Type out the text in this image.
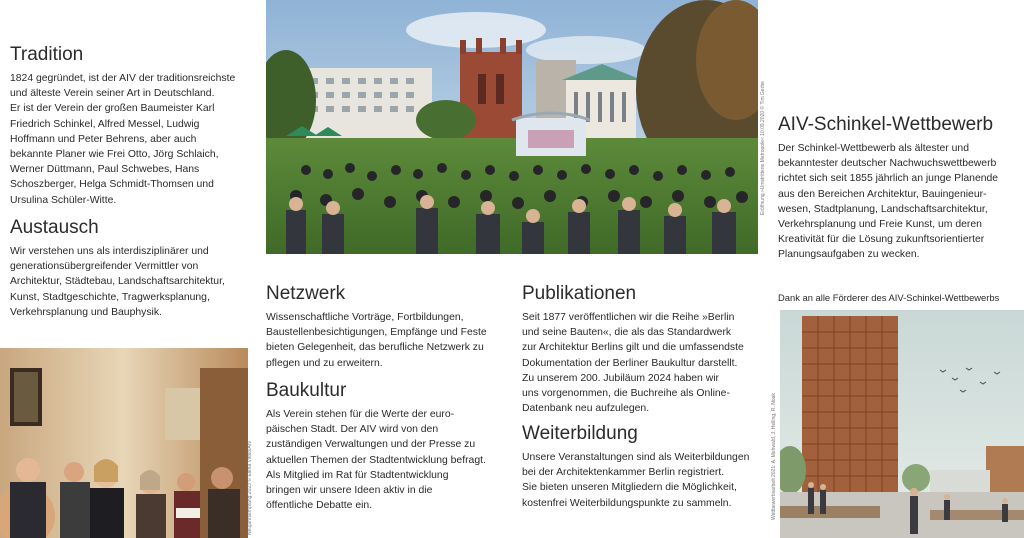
Tradition

1824 gegründet, ist der AIV der traditionsreichste
und älteste Verein seiner Art in Deutschland.
Er ist der Verein der großen Baumeister Karl
Friedrich Schinkel, Alfred Messel, Ludwig
Hoffmann und Peter Behrens, aber auch
bekannte Planer wie Frei Otto, Jörg Schlaich,
Werner Düttmann, Paul Schwebes, Hans
Schoszberger, Helga Schmidt-Thomsen und
Ursulina Schüler-Witte.

Austausch

Wir verstehen uns als interdisziplinärer und
generationsübergreifender Vermittler von
Architektur, Städtebau, Landschaftsarchitektur,
Kunst, Stadtgeschichte, Tragwerksplanung,
Verkehrsplanung und Bauphysik.

Neujahrsempfang 2023 © Elena Vitolo/AIV
Eröffnung »Umstrittene Metropole« 10.09.2020 © Tim Gerbe
Netzwerk

Wissenschaftliche Vorträge, Fortbildungen,
Baustellenbesichtigungen, Empfänge und Feste
bieten Gelegenheit, das berufliche Netzwerk zu
pflegen und zu erweitern.

Baukultur

Als Verein stehen für die Werte der euro-
päischen Stadt. Der AIV wird von den
zuständigen Verwaltungen und der Presse zu
aktuellen Themen der Stadtentwicklung befragt.
Als Mitglied im Rat für Stadtentwicklung
bringen wir unsere Ideen aktiv in die
öffentliche Debatte ein.

Publikationen

Seit 1877 veröffentlichen wir die Reihe »Berlin
und seine Bauten«, die als das Standardwerk
zur Architektur Berlins gilt und die umfassendste
Dokumentation der Berliner Baukultur darstellt.
Zu unserem 200. Jubiläum 2024 haben wir
uns vorgenommen, die Buchreihe als Online-
Datenbank neu aufzulegen.

Weiterbildung

Unsere Veranstaltungen sind als Weiterbildungen
bei der Architektenkammer Berlin registriert.
Sie bieten unseren Mitgliedern die Möglichkeit,
kostenfrei Weiterbildungspunkte zu sammeln.

AIV-Schinkel-Wettbewerb

Der Schinkel-Wettbewerb als ältester und
bekanntester deutscher Nachwuchswettbewerb
richtet sich seit 1855 jährlich an junge Planende
aus den Bereichen Architektur, Bauingenieur-
wesen, Stadtplanung, Landschaftsarchitektur,
Verkehrsplanung und Freie Kunst, um deren
Kreativität für die Lösung zukunftsorientierter
Planungsaufgaben zu wecken.

Dank an alle Förderer des AIV-Schinkel-Wettbewerbs

Wettbewerbsarbeit 2021: A. Mehwald, J. Helling, R. Noak
